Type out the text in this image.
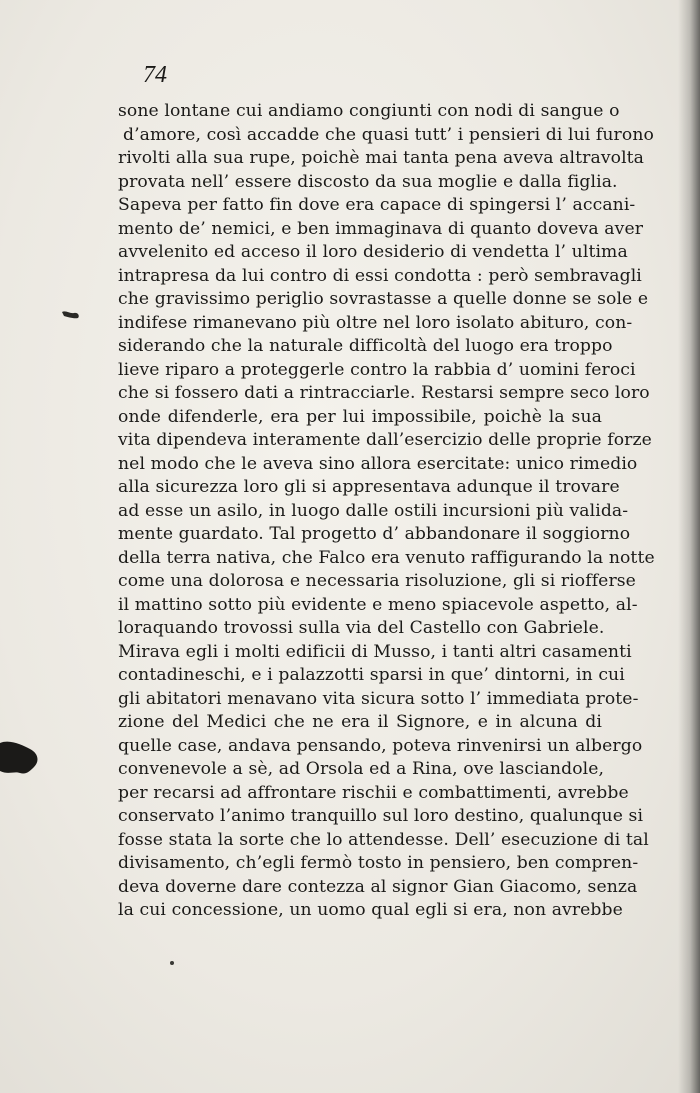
74
sone lontane cui andiamo congiunti con nodi di sangue o
d’amore, così accadde che quasi tutt’ i pensieri di lui furono
rivolti alla sua rupe, poichè mai tanta pena aveva altravolta
provata nell’ essere discosto da sua moglie e dalla figlia.
Sapeva per fatto fin dove era capace di spingersi l’ accani-
mento de’ nemici, e ben immaginava di quanto doveva aver
avvelenito ed acceso il loro desiderio di vendetta l’ ultima
intrapresa da lui contro di essi condotta : però sembravagli
che gravissimo periglio sovrastasse a quelle donne se sole e
indifese rimanevano più oltre nel loro isolato abituro, con-
siderando che la naturale difficoltà del luogo era troppo
lieve riparo a proteggerle contro la rabbia d’ uomini feroci
che si fossero dati a rintracciarle. Restarsi sempre seco loro
onde difenderle, era per lui impossibile, poichè la sua
vita dipendeva interamente dall’esercizio delle proprie forze
nel modo che le aveva sino allora esercitate: unico rimedio
alla sicurezza loro gli si appresentava adunque il trovare
ad esse un asilo, in luogo dalle ostili incursioni più valida-
mente guardato. Tal progetto d’ abbandonare il soggiorno
della terra nativa, che Falco era venuto raffigurando la notte
come una dolorosa e necessaria risoluzione, gli si riofferse
il mattino sotto più evidente e meno spiacevole aspetto, al-
loraquando trovossi sulla via del Castello con Gabriele.
Mirava egli i molti edificii di Musso, i tanti altri casamenti
contadineschi, e i palazzotti sparsi in que’ dintorni, in cui
gli abitatori menavano vita sicura sotto l’ immediata prote-
zione del Medici che ne era il Signore, e in alcuna di
quelle case, andava pensando, poteva rinvenirsi un albergo
convenevole a sè, ad Orsola ed a Rina, ove lasciandole,
per recarsi ad affrontare rischii e combattimenti, avrebbe
conservato l’animo tranquillo sul loro destino, qualunque si
fosse stata la sorte che lo attendesse. Dell’ esecuzione di tal
divisamento, ch’egli fermò tosto in pensiero, ben compren-
deva doverne dare contezza al signor Gian Giacomo, senza
la cui concessione, un uomo qual egli si era, non avrebbe
